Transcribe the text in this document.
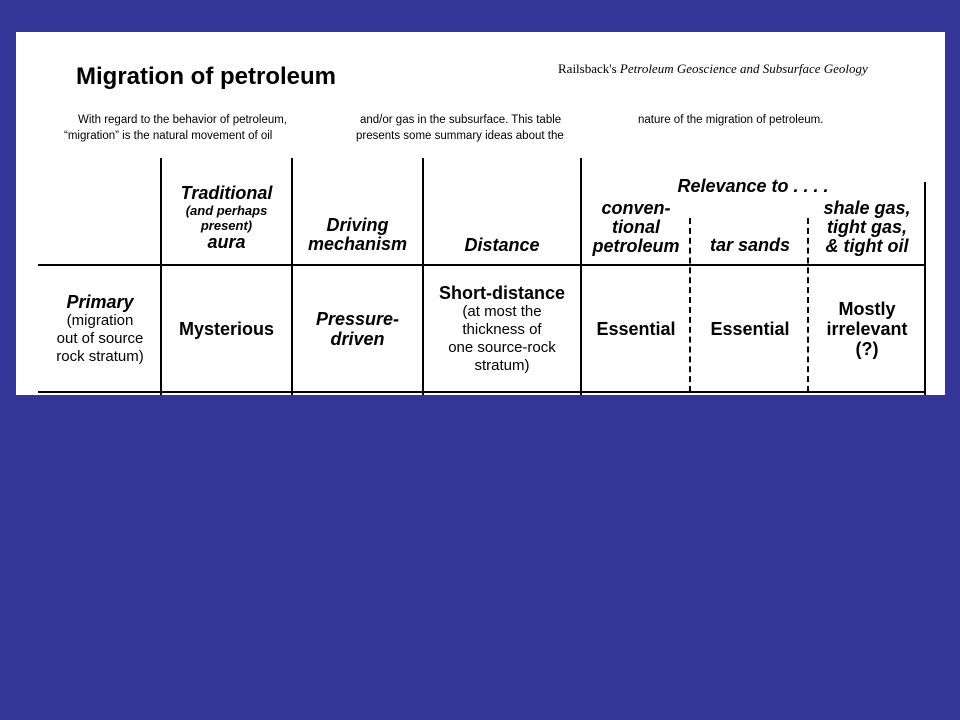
Migration of petroleum	Railsback's Petroleum Geoscience and Subsurface Geology
With regard to the behavior of petroleum,
“migration” is the natural movement of oil
and/or gas in the subsurface. This table
presents some summary ideas about the
nature of the migration of petroleum.
Traditional
(and perhaps
present)
aura
Driving
mechanism	Distance
Relevance to . . . .
conven-
tional
petroleum tar sands
shale gas,
tight gas,
& tight oil
Primary
(migration
out of source
rock stratum)
Mysterious Pressure-
driven
Short-distance
(at most the
thickness of
one source-rock
stratum)
Essential Essential
Mostly
irrelevant
(?)
